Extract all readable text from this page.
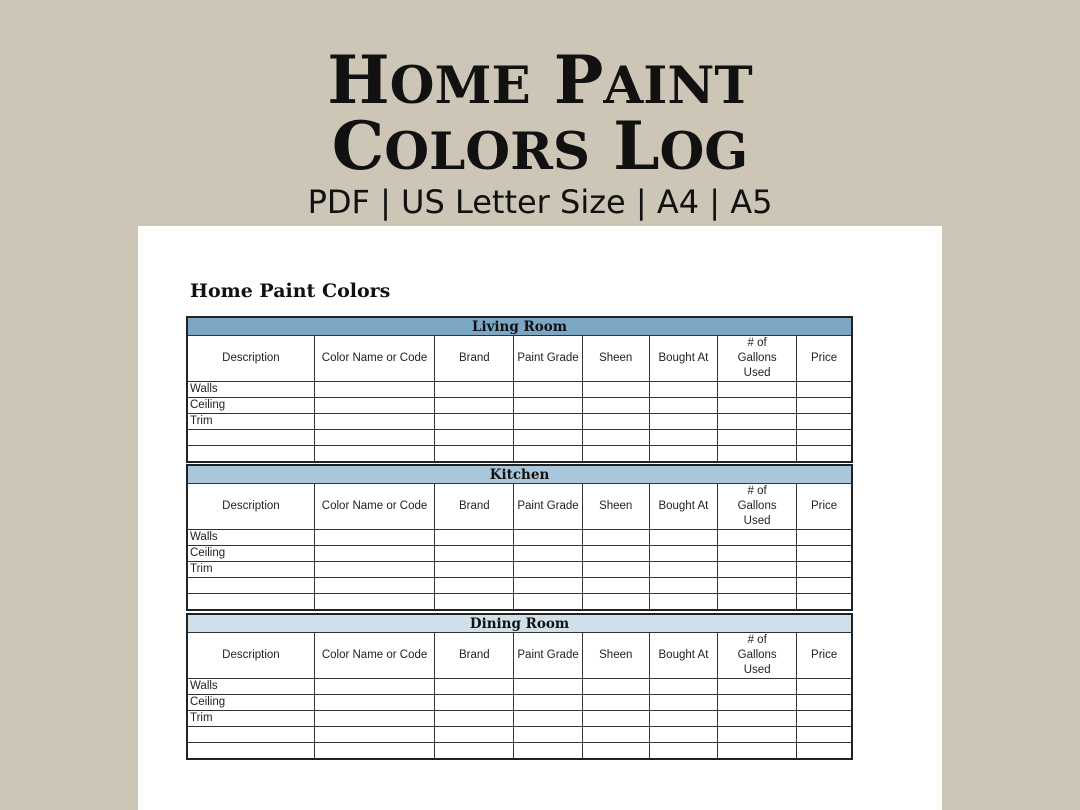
HOME PAINT
COLORS LOG
PDF | US Letter Size | A4 | A5
Home Paint Colors
Living Room							
Description	Color Name or Code	Brand	Paint Grade	Sheen	Bought At	# of Gallons Used	Price
Walls							
Ceiling							
Trim							

Kitchen							
Description	Color Name or Code	Brand	Paint Grade	Sheen	Bought At	# of Gallons Used	Price
Walls							
Ceiling							
Trim							

Dining Room							
Description	Color Name or Code	Brand	Paint Grade	Sheen	Bought At	# of Gallons Used	Price
Walls							
Ceiling							
Trim							
